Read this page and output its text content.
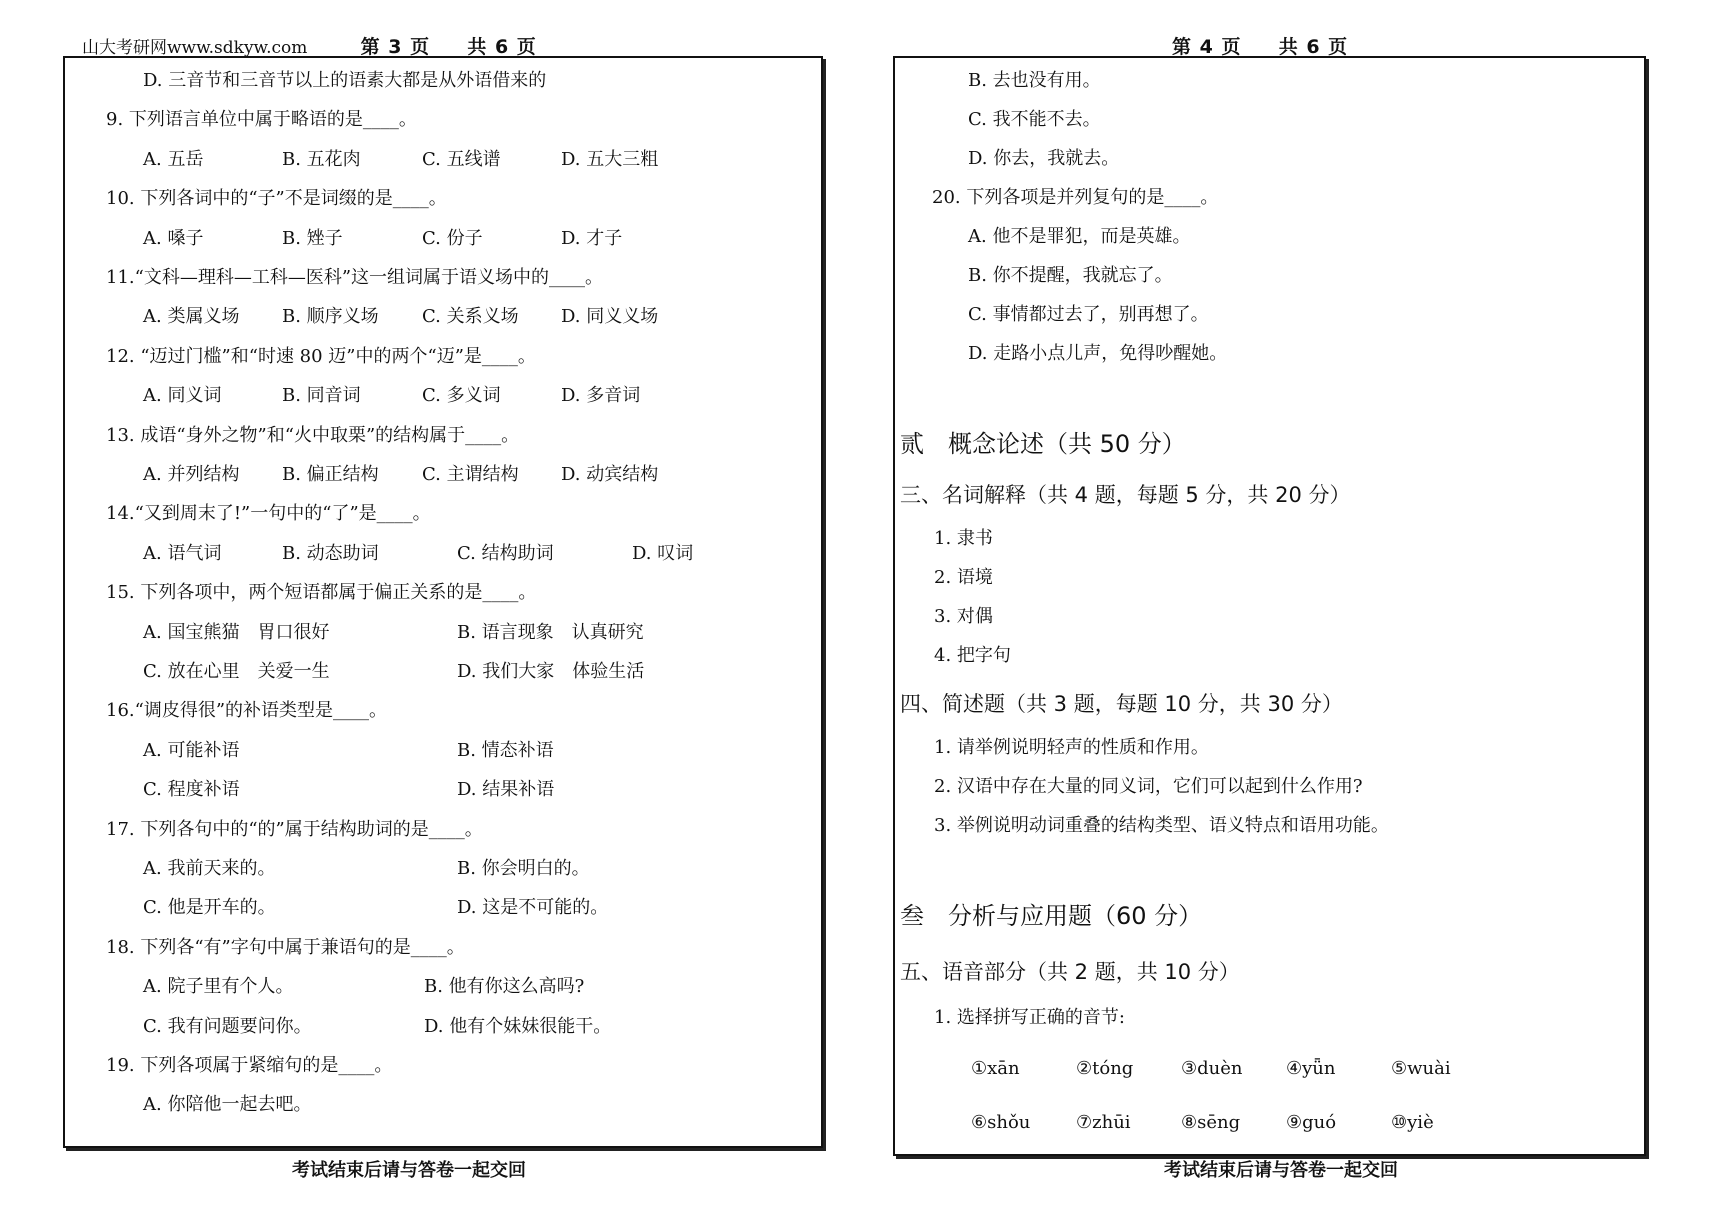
山大考研网www.sdkyw.com	第 3 页 共 6 页
D. 三音节和三音节以上的语素大都是从外语借来的
9. 下列语言单位中属于略语的是____。
A. 五岳	B. 五花肉	C. 五线谱	D. 五大三粗
10. 下列各词中的“子”不是词缀的是____。
A. 嗓子	B. 矬子	C. 份子	D. 才子
11.“文科—理科—工科—医科”这一组词属于语义场中的____。
A. 类属义场 B. 顺序义场 C. 关系义场 D. 同义义场
12. “迈过门槛”和“时速 80 迈”中的两个“迈”是____。
A. 同义词	B. 同音词	C. 多义词	D. 多音词
13. 成语“身外之物”和“火中取栗”的结构属于____。
A. 并列结构 B. 偏正结构 C. 主谓结构 D. 动宾结构
14.“又到周末了!”一句中的“了”是____。
A. 语气词	B. 动态助词	C. 结构助词	D. 叹词
15. 下列各项中，两个短语都属于偏正关系的是____。
A. 国宝熊猫　胃口很好	B. 语言现象　认真研究
C. 放在心里　关爱一生	D. 我们大家　体验生活
16.“调皮得很”的补语类型是____。
A. 可能补语	B. 情态补语
C. 程度补语	D. 结果补语
17. 下列各句中的“的”属于结构助词的是____。
A. 我前天来的。	B. 你会明白的。
C. 他是开车的。	D. 这是不可能的。
18. 下列各“有”字句中属于兼语句的是____。
A. 院子里有个人。	B. 他有你这么高吗?
C. 我有问题要问你。	D. 他有个妹妹很能干。
19. 下列各项属于紧缩句的是____。
A. 你陪他一起去吧。
考试结束后请与答卷一起交回
第 4 页 共 6 页
B. 去也没有用。
C. 我不能不去。
D. 你去，我就去。
20. 下列各项是并列复句的是____。
A. 他不是罪犯，而是英雄。
B. 你不提醒，我就忘了。
C. 事情都过去了，别再想了。
D. 走路小点儿声，免得吵醒她。
贰　概念论述（共 50 分）
三、名词解释（共 4 题，每题 5 分，共 20 分）
1. 隶书
2. 语境
3. 对偶
4. 把字句
四、简述题（共 3 题，每题 10 分，共 30 分）
1. 请举例说明轻声的性质和作用。
2. 汉语中存在大量的同义词，它们可以起到什么作用?
3. 举例说明动词重叠的结构类型、语义特点和语用功能。
叁　分析与应用题（60 分）
五、语音部分（共 2 题，共 10 分）
1. 选择拼写正确的音节:
①xān	②tóng	③duèn ④yǖn	⑤wuài
⑥shǒu	⑦zhūi	⑧sēng	⑨guó	⑩yiè
考试结束后请与答卷一起交回
